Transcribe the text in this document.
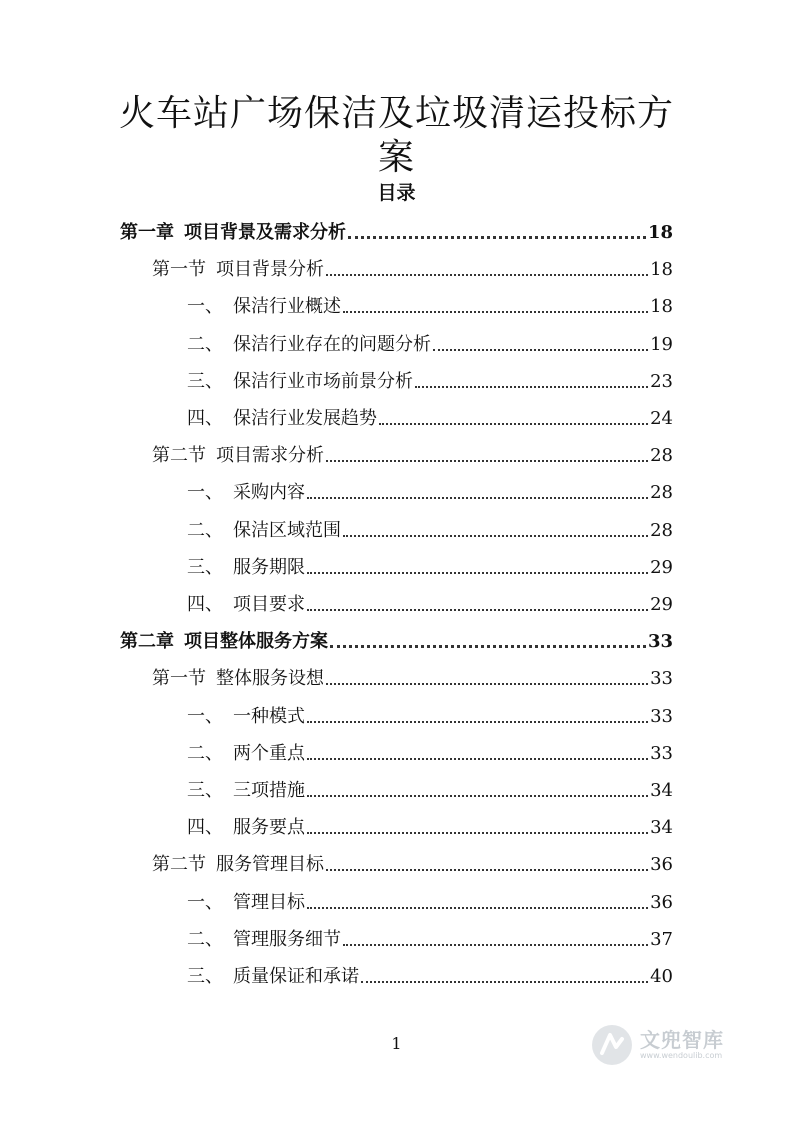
火车站广场保洁及垃圾清运投标方
案
目录
第一章 项目背景及需求分析	18
第一节 项目背景分析	18
一、 保洁行业概述	18
二、 保洁行业存在的问题分析	19
三、 保洁行业市场前景分析	23
四、 保洁行业发展趋势	24
第二节 项目需求分析	28
一、 采购内容	28
二、 保洁区域范围	28
三、 服务期限	29
四、 项目要求	29
第二章 项目整体服务方案	33
第一节 整体服务设想	33
一、 一种模式	33
二、 两个重点	33
三、 三项措施	34
四、 服务要点	34
第二节 服务管理目标	36
一、 管理目标	36
二、 管理服务细节	37
三、 质量保证和承诺	40
1	文兜智库
www.wendoulib.com
